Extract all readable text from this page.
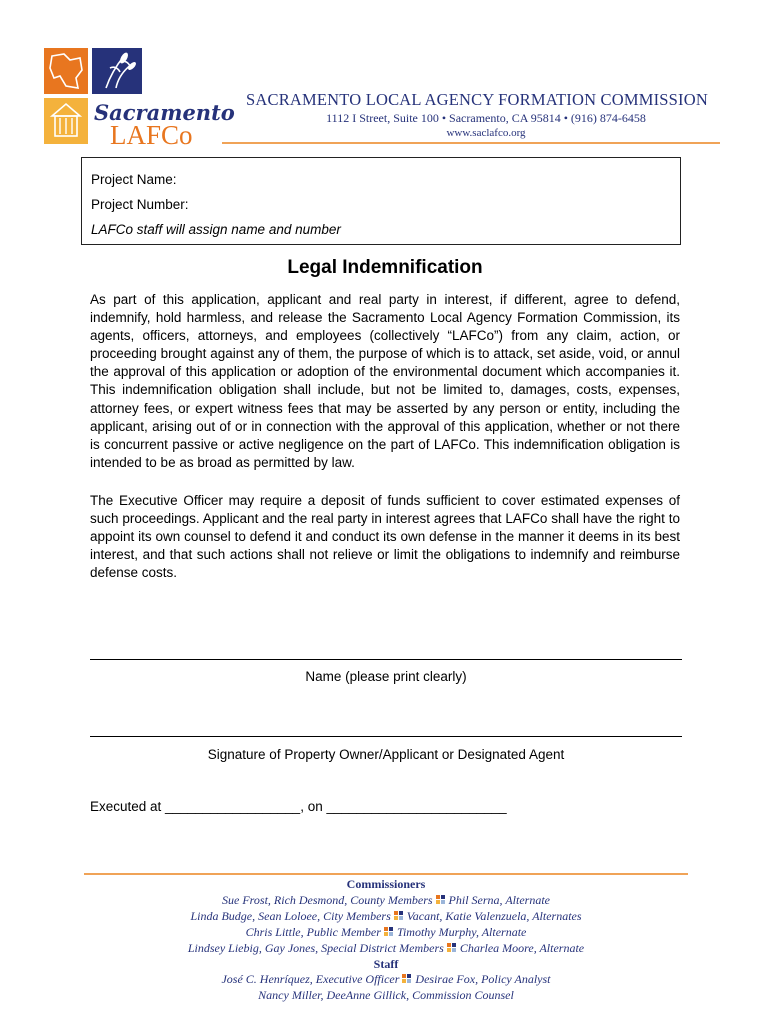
Sacramento
LAFCo
SACRAMENTO LOCAL AGENCY FORMATION COMMISSION
1112 I Street, Suite 100 • Sacramento, CA 95814 • (916) 874-6458
www.saclafco.org
Project Name:
Project Number:
LAFCo staff will assign name and number
Legal Indemnification
As part of this application, applicant and real party in interest, if different, agree to defend, indemnify, hold harmless, and release the Sacramento Local Agency Formation Commission, its agents, officers, attorneys, and employees (collectively “LAFCo”) from any claim, action, or proceeding brought against any of them, the purpose of which is to attack, set aside, void, or annul the approval of this application or adoption of the environmental document which accompanies it. This indemnification obligation shall include, but not be limited to, damages, costs, expenses, attorney fees, or expert witness fees that may be asserted by any person or entity, including the applicant, arising out of or in connection with the approval of this application, whether or not there is concurrent passive or active negligence on the part of LAFCo. This indemnification obligation is intended to be as broad as permitted by law.
The Executive Officer may require a deposit of funds sufficient to cover estimated expenses of such proceedings. Applicant and the real party in interest agrees that LAFCo shall have the right to appoint its own counsel to defend it and conduct its own defense in the manner it deems in its best interest, and that such actions shall not relieve or limit the obligations to indemnify and reimburse defense costs.
Name (please print clearly)
Signature of Property Owner/Applicant or Designated Agent
Executed at __________________, on ________________________
Commissioners
Sue Frost, Rich Desmond, County Members Phil Serna, Alternate
Linda Budge, Sean Loloee, City Members Vacant, Katie Valenzuela, Alternates
Chris Little, Public Member Timothy Murphy, Alternate
Lindsey Liebig, Gay Jones, Special District Members Charlea Moore, Alternate
Staff
José C. Henríquez, Executive Officer Desirae Fox, Policy Analyst
Nancy Miller, DeeAnne Gillick, Commission Counsel
